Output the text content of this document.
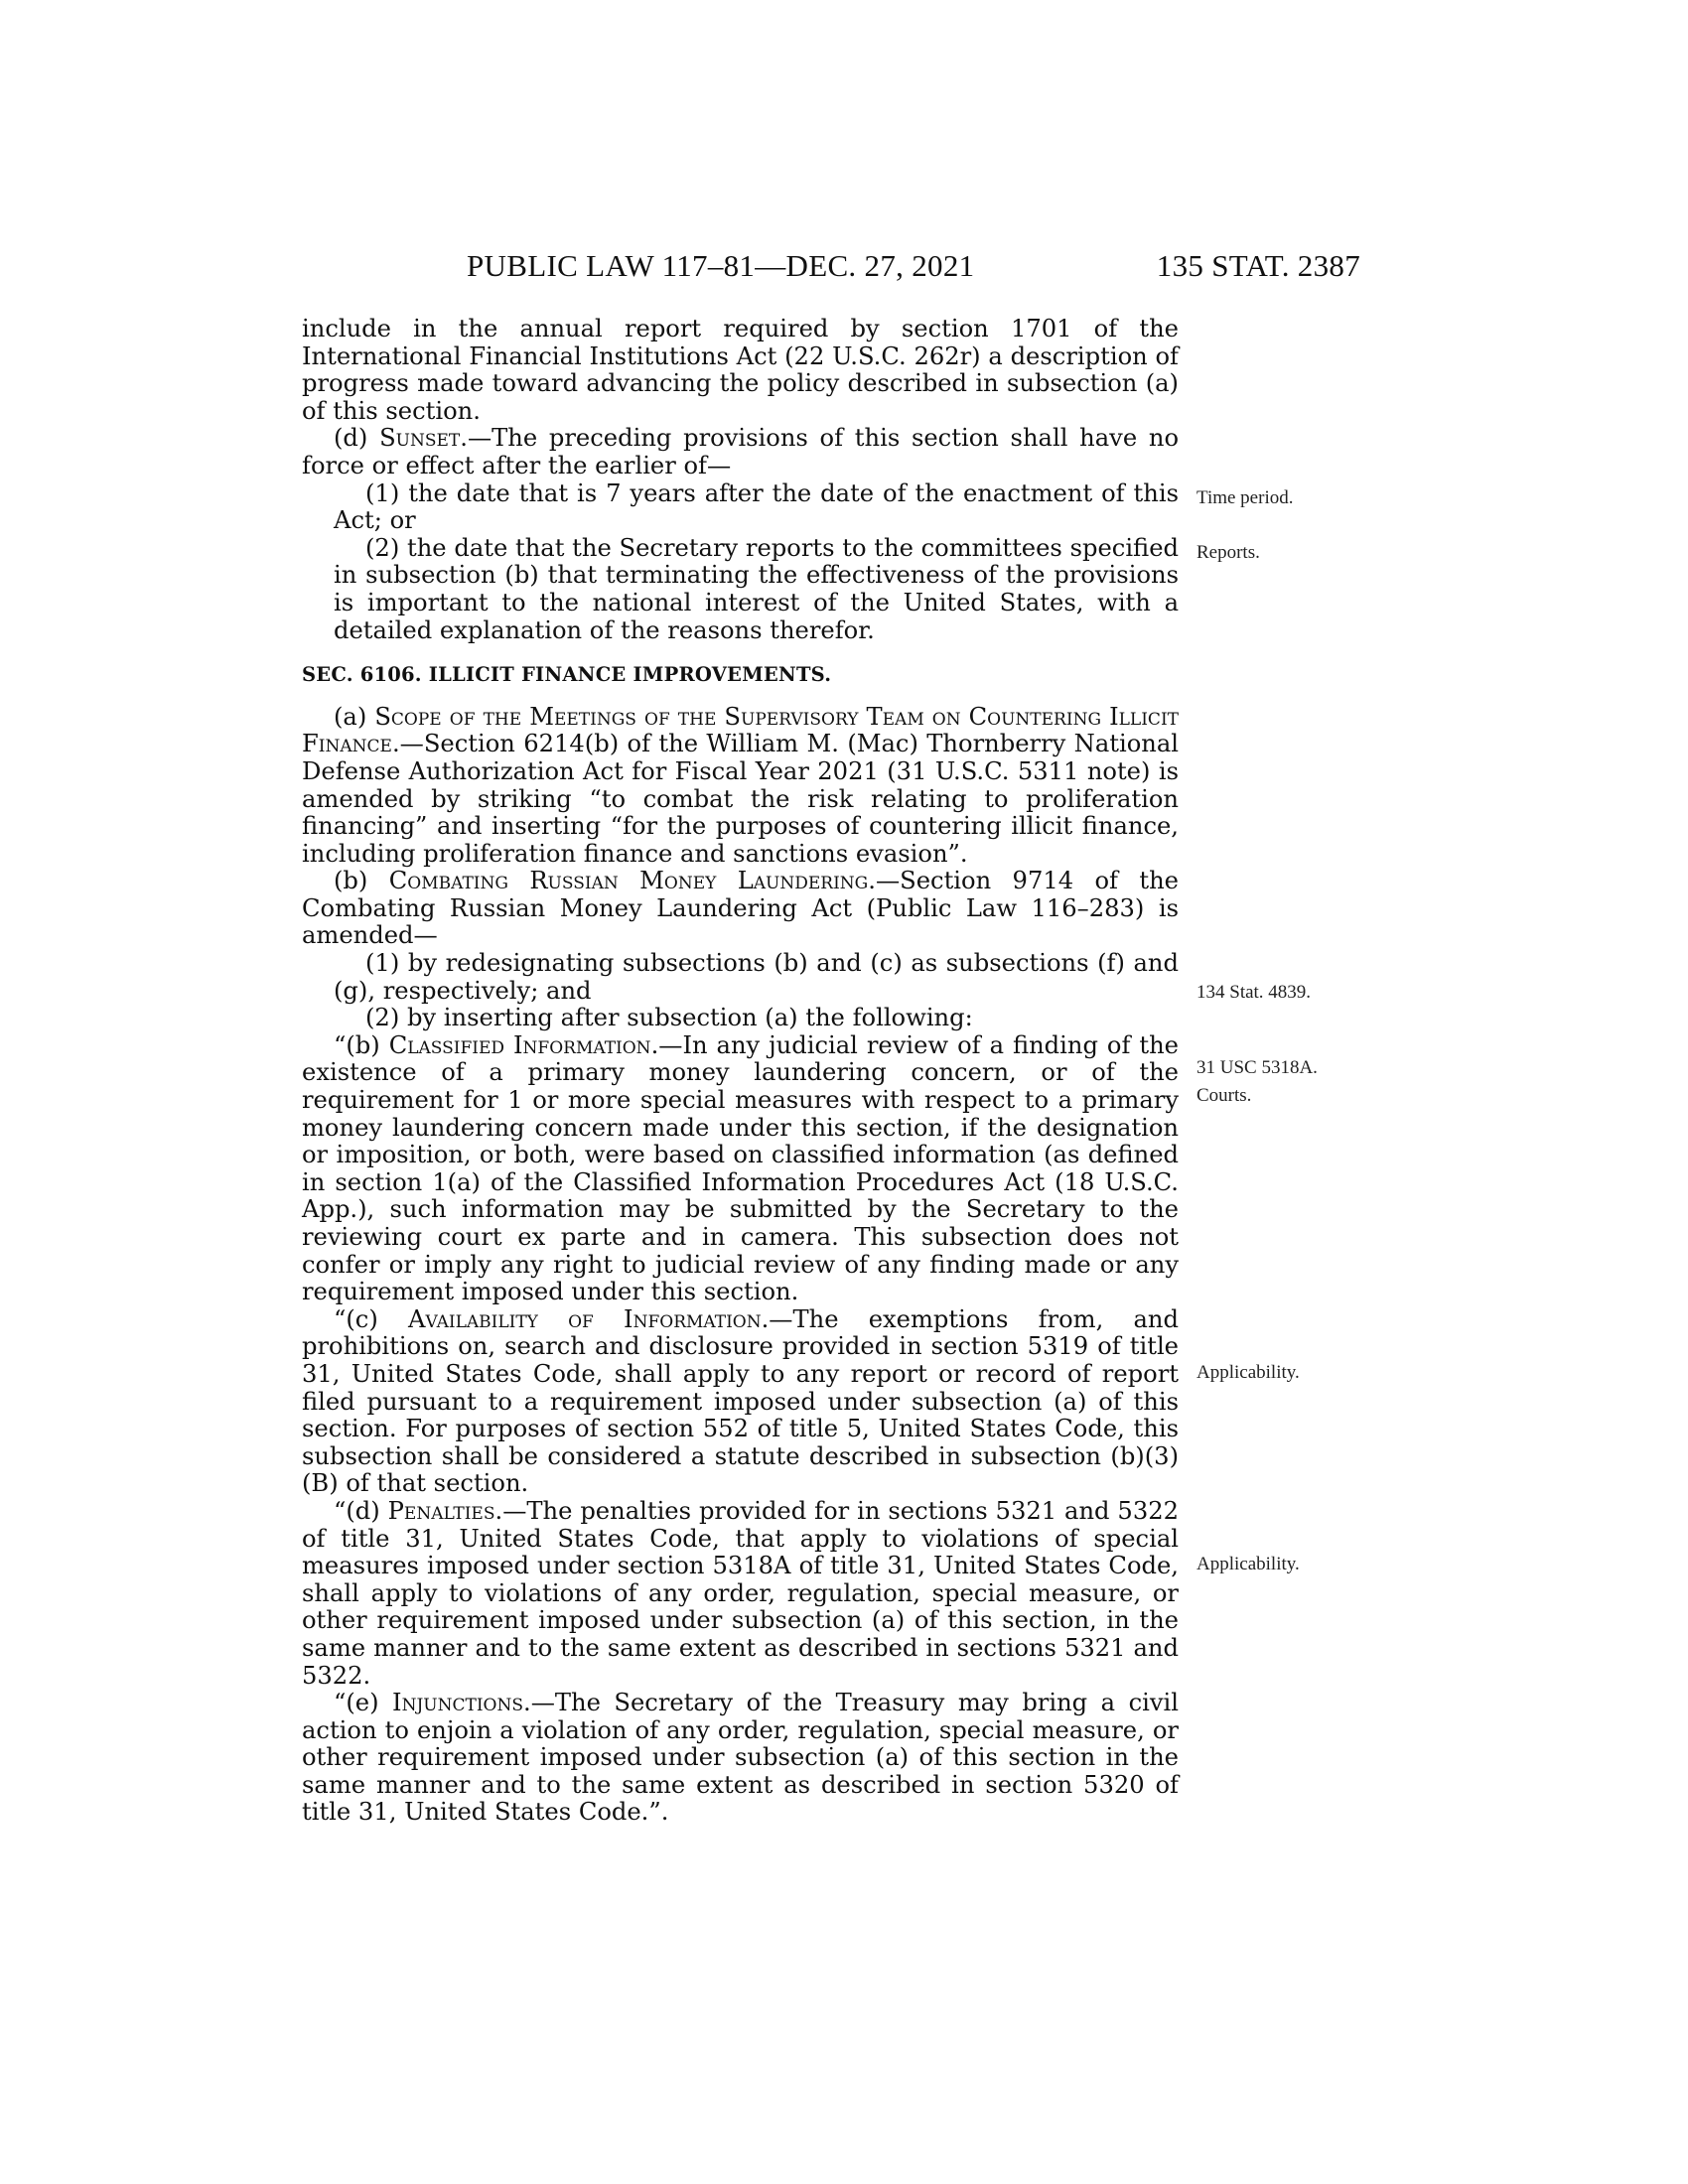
PUBLIC LAW 117–81—DEC. 27, 2021	135 STAT. 2387

include in the annual report required by section 1701 of the International Financial Institutions Act (22 U.S.C. 262r) a description of progress made toward advancing the policy described in subsection (a) of this section.

(d) Sunset.—The preceding provisions of this section shall have no force or effect after the earlier of—

(1) the date that is 7 years after the date of the enactment of this Act; or

(2) the date that the Secretary reports to the committees specified in subsection (b) that terminating the effectiveness of the provisions is important to the national interest of the United States, with a detailed explanation of the reasons therefor.

SEC. 6106. ILLICIT FINANCE IMPROVEMENTS.

(a) Scope of the Meetings of the Supervisory Team on Countering Illicit Finance.—Section 6214(b) of the William M. (Mac) Thornberry National Defense Authorization Act for Fiscal Year 2021 (31 U.S.C. 5311 note) is amended by striking “to combat the risk relating to proliferation financing” and inserting “for the purposes of countering illicit finance, including proliferation finance and sanctions evasion”.

(b) Combating Russian Money Laundering.—Section 9714 of the Combating Russian Money Laundering Act (Public Law 116–283) is amended—

(1) by redesignating subsections (b) and (c) as subsections (f) and (g), respectively; and

(2) by inserting after subsection (a) the following:

“(b) Classified Information.—In any judicial review of a finding of the existence of a primary money laundering concern, or of the requirement for 1 or more special measures with respect to a primary money laundering concern made under this section, if the designation or imposition, or both, were based on classified information (as defined in section 1(a) of the Classified Information Procedures Act (18 U.S.C. App.), such information may be submitted by the Secretary to the reviewing court ex parte and in camera. This subsection does not confer or imply any right to judicial review of any finding made or any requirement imposed under this section.

“(c) Availability of Information.—The exemptions from, and prohibitions on, search and disclosure provided in section 5319 of title 31, United States Code, shall apply to any report or record of report filed pursuant to a requirement imposed under subsection (a) of this section. For purposes of section 552 of title 5, United States Code, this subsection shall be considered a statute described in subsection (b)(3)(B) of that section.

“(d) Penalties.—The penalties provided for in sections 5321 and 5322 of title 31, United States Code, that apply to violations of special measures imposed under section 5318A of title 31, United States Code, shall apply to violations of any order, regulation, special measure, or other requirement imposed under subsection (a) of this section, in the same manner and to the same extent as described in sections 5321 and 5322.

“(e) Injunctions.—The Secretary of the Treasury may bring a civil action to enjoin a violation of any order, regulation, special measure, or other requirement imposed under subsection (a) of this section in the same manner and to the same extent as described in section 5320 of title 31, United States Code.”.

Time period.
Reports.
134 Stat. 4839.
31 USC 5318A.
Courts.
Applicability.
Applicability.
